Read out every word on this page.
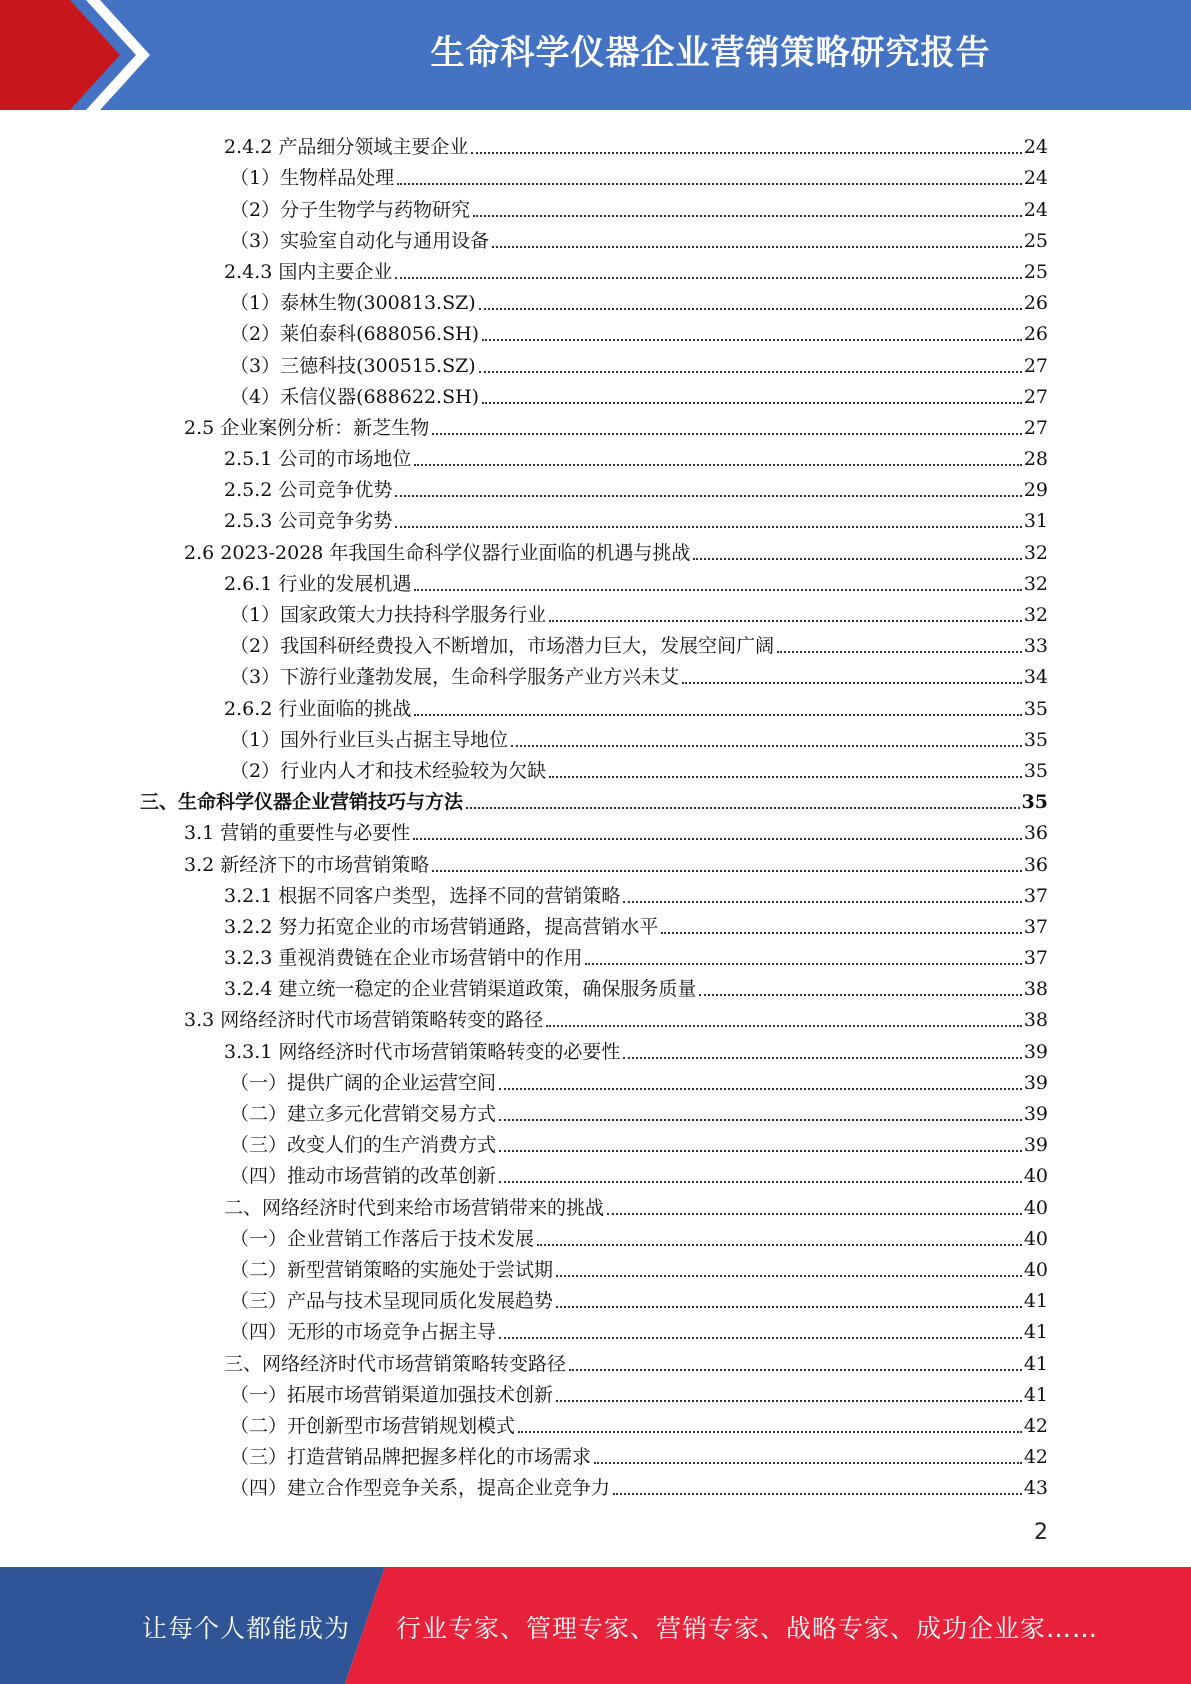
生命科学仪器企业营销策略研究报告
2.4.2 产品细分领域主要企业	24
（1）生物样品处理	24
（2）分子生物学与药物研究	24
（3）实验室自动化与通用设备	25
2.4.3 国内主要企业	25
（1）泰林生物(300813.SZ)	26
（2）莱伯泰科(688056.SH)	26
（3）三德科技(300515.SZ)	27
（4）禾信仪器(688622.SH)	27
2.5 企业案例分析：新芝生物	27
2.5.1 公司的市场地位	28
2.5.2 公司竞争优势	29
2.5.3 公司竞争劣势	31
2.6 2023-2028 年我国生命科学仪器行业面临的机遇与挑战	32
2.6.1 行业的发展机遇	32
（1）国家政策大力扶持科学服务行业	32
（2）我国科研经费投入不断增加，市场潜力巨大，发展空间广阔	33
（3）下游行业蓬勃发展，生命科学服务产业方兴未艾	34
2.6.2 行业面临的挑战	35
（1）国外行业巨头占据主导地位	35
（2）行业内人才和技术经验较为欠缺	35
三、生命科学仪器企业营销技巧与方法	35
3.1 营销的重要性与必要性	36
3.2 新经济下的市场营销策略	36
3.2.1 根据不同客户类型，选择不同的营销策略	37
3.2.2 努力拓宽企业的市场营销通路，提高营销水平	37
3.2.3 重视消费链在企业市场营销中的作用	37
3.2.4 建立统一稳定的企业营销渠道政策，确保服务质量	38
3.3 网络经济时代市场营销策略转变的路径	38
3.3.1 网络经济时代市场营销策略转变的必要性	39
（一）提供广阔的企业运营空间	39
（二）建立多元化营销交易方式	39
（三）改变人们的生产消费方式	39
（四）推动市场营销的改革创新	40
二、网络经济时代到来给市场营销带来的挑战	40
（一）企业营销工作落后于技术发展	40
（二）新型营销策略的实施处于尝试期	40
（三）产品与技术呈现同质化发展趋势	41
（四）无形的市场竞争占据主导	41
三、网络经济时代市场营销策略转变路径	41
（一）拓展市场营销渠道加强技术创新	41
（二）开创新型市场营销规划模式	42
（三）打造营销品牌把握多样化的市场需求	42
（四）建立合作型竞争关系，提高企业竞争力	43
2
让每个人都能成为 行业专家、管理专家、营销专家、战略专家、成功企业家……
